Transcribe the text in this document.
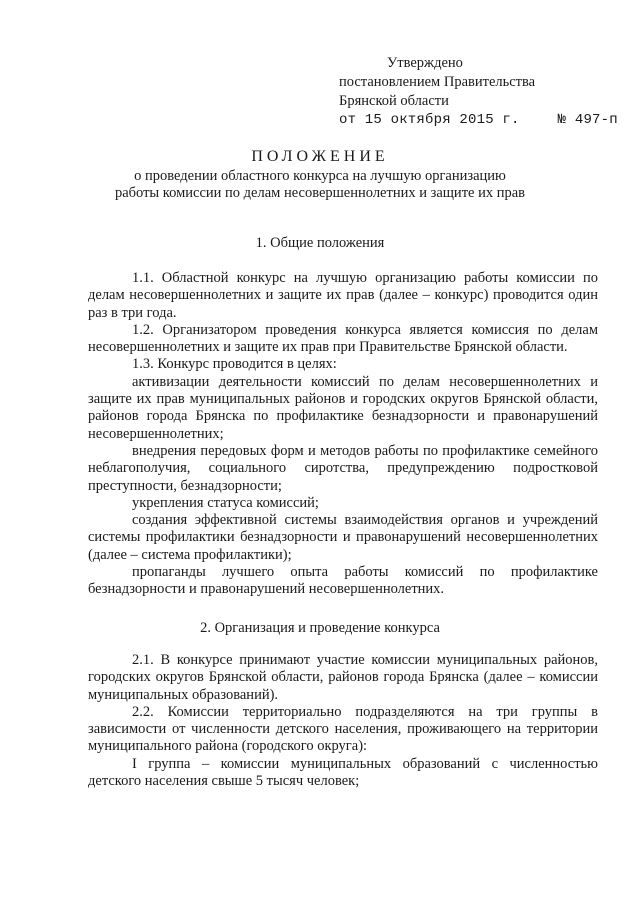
Утверждено
постановлением Правительства
Брянской области
от 15 октября 2015 г.	№ 497-п
ПОЛОЖЕНИЕ
о проведении областного конкурса на лучшую организацию
работы комиссии по делам несовершеннолетних и защите их прав
1. Общие положения

1.1. Областной конкурс на лучшую организацию работы комиссии по делам несовершеннолетних и защите их прав (далее – конкурс) проводится один раз в три года.

1.2. Организатором проведения конкурса является комиссия по делам несовершеннолетних и защите их прав при Правительстве Брянской области.

1.3. Конкурс проводится в целях:

активизации деятельности комиссий по делам несовершеннолетних и защите их прав муниципальных районов и городских округов Брянской области, районов города Брянска по профилактике безнадзорности и правонарушений несовершеннолетних;

внедрения передовых форм и методов работы по профилактике семейного неблагополучия, социального сиротства, предупреждению подростковой преступности, безнадзорности;

укрепления статуса комиссий;

создания эффективной системы взаимодействия органов и учреждений системы профилактики безнадзорности и правонарушений несовершеннолетних (далее – система профилактики);

пропаганды лучшего опыта работы комиссий по профилактике безнадзорности и правонарушений несовершеннолетних.

2. Организация и проведение конкурса

2.1. В конкурсе принимают участие комиссии муниципальных районов, городских округов Брянской области, районов города Брянска (далее – комиссии муниципальных образований).

2.2. Комиссии территориально подразделяются на три группы в зависимости от численности детского населения, проживающего на территории муниципального района (городского округа):

I группа – комиссии муниципальных образований с численностью детского населения свыше 5 тысяч человек;
